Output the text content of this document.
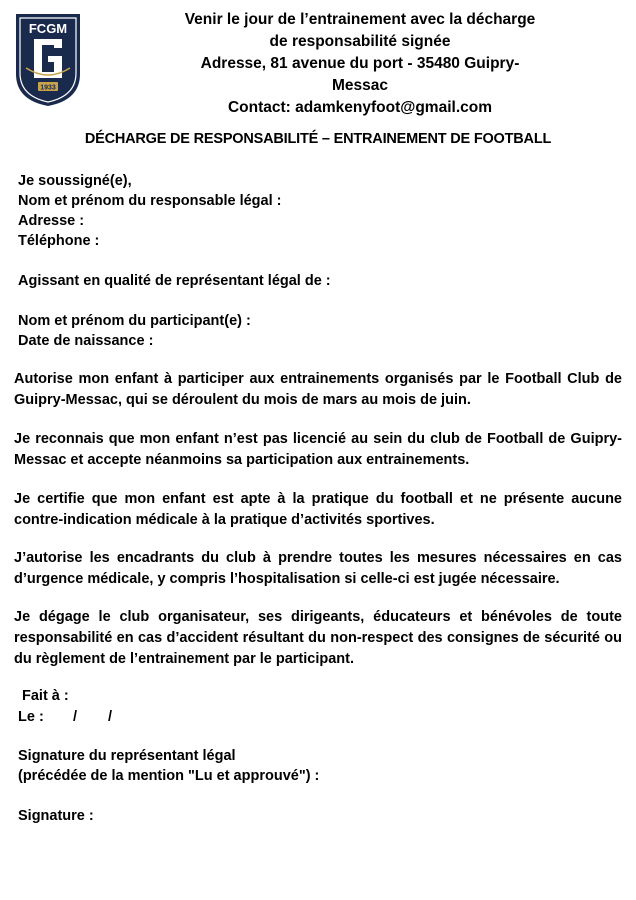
FCGM
1933
Venir le jour de l’entrainement avec la décharge
de responsabilité signée
Adresse, 81 avenue du port - 35480 Guipry-
Messac
Contact: adamkenyfoot@gmail.com
DÉCHARGE DE RESPONSABILITÉ – ENTRAINEMENT DE FOOTBALL
Je soussigné(e),
Nom et prénom du responsable légal :
Adresse :
Téléphone :
Agissant en qualité de représentant légal de :
Nom et prénom du participant(e) :
Date de naissance :
Autorise mon enfant à participer aux entrainements organisés par le Football Club de Guipry-Messac, qui se déroulent du mois de mars au mois de juin.
Je reconnais que mon enfant n’est pas licencié au sein du club de Football de Guipry-Messac et accepte néanmoins sa participation aux entrainements.
Je certifie que mon enfant est apte à la pratique du football et ne présente aucune contre-indication médicale à la pratique d’activités sportives.
J’autorise les encadrants du club à prendre toutes les mesures nécessaires en cas d’urgence médicale, y compris l’hospitalisation si celle-ci est jugée nécessaire.
Je dégage le club organisateur, ses dirigeants, éducateurs et bénévoles de toute responsabilité en cas d’accident résultant du non-respect des consignes de sécurité ou du règlement de l’entrainement par le participant.
Fait à :
Le : / /
Signature du représentant légal
(précédée de la mention "Lu et approuvé") :
Signature :
